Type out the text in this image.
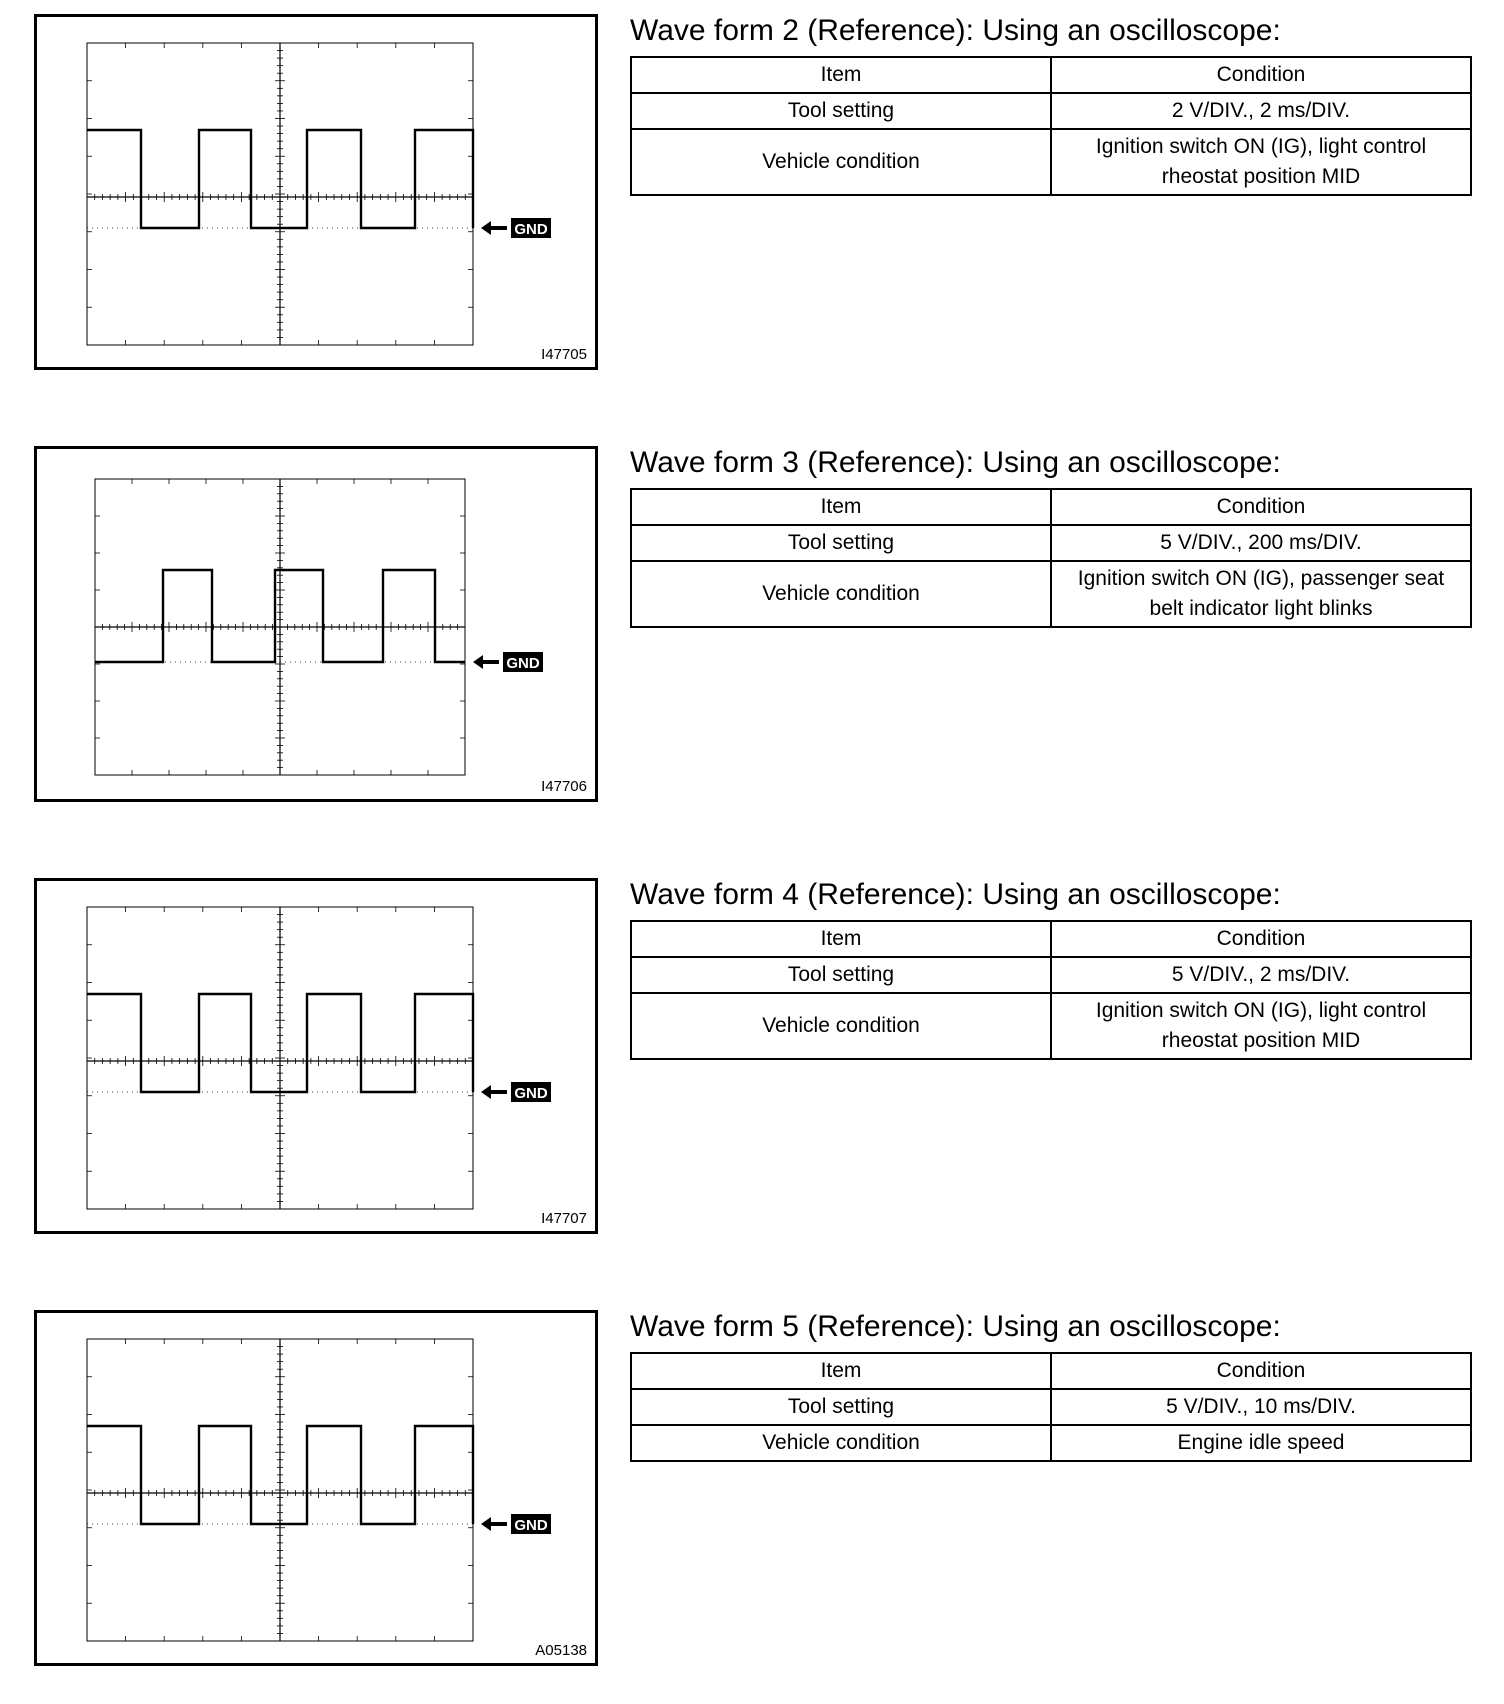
GND
I47705
Wave form 2 (Reference): Using an oscilloscope:
Item	Condition
Tool setting	2 V/DIV., 2 ms/DIV.
Vehicle condition	Ignition switch ON (IG), light control rheostat position MID
GND
I47706
Wave form 3 (Reference): Using an oscilloscope:
Item	Condition
Tool setting	5 V/DIV., 200 ms/DIV.
Vehicle condition	Ignition switch ON (IG), passenger seat belt indicator light blinks
GND
I47707
Wave form 4 (Reference): Using an oscilloscope:
Item	Condition
Tool setting	5 V/DIV., 2 ms/DIV.
Vehicle condition	Ignition switch ON (IG), light control rheostat position MID
GND
A05138
Wave form 5 (Reference): Using an oscilloscope:
Item	Condition
Tool setting	5 V/DIV., 10 ms/DIV.
Vehicle condition	Engine idle speed
